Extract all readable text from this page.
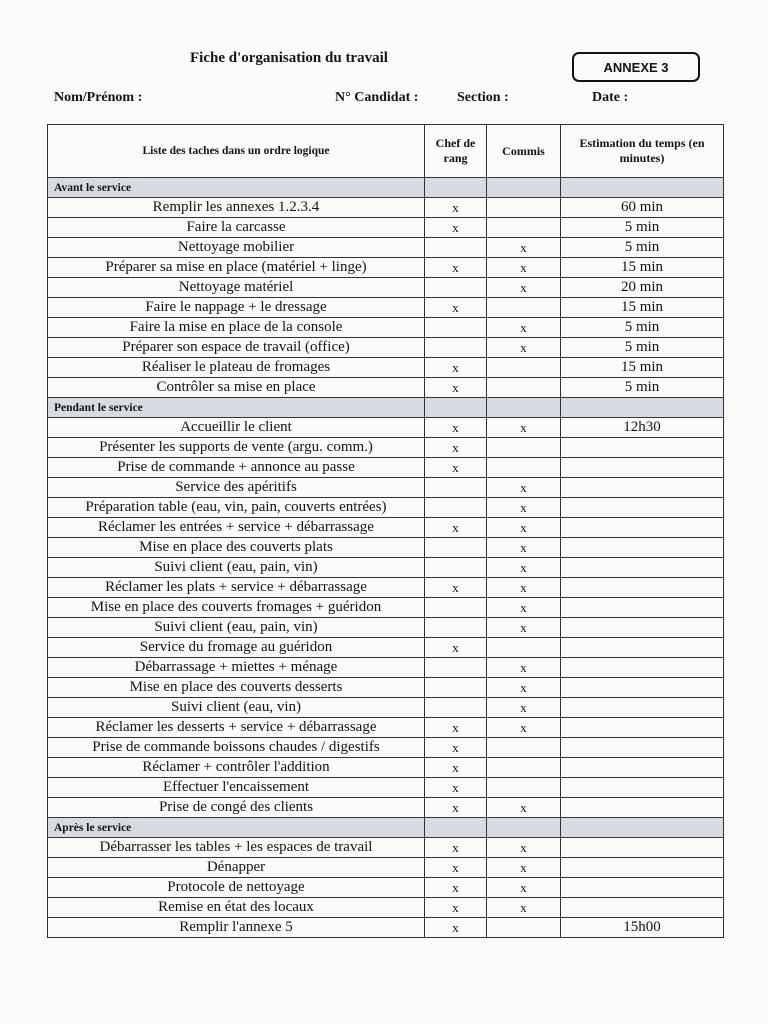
Fiche d'organisation du travail
ANNEXE 3
Nom/Prénom :	N° Candidat :	Section :	Date :
Liste des taches dans un ordre logique	Chef de rang	Commis	Estimation du temps (en minutes)
Avant le service			
Remplir les annexes 1.2.3.4	x		60 min
Faire la carcasse	x		5 min
Nettoyage mobilier		x	5 min
Préparer sa mise en place (matériel + linge)	x	x	15 min
Nettoyage matériel		x	20 min
Faire le nappage + le dressage	x		15 min
Faire la mise en place de la console		x	5 min
Préparer son espace de travail (office)		x	5 min
Réaliser le plateau de fromages	x		15 min
Contrôler sa mise en place	x		5 min
Pendant le service			
Accueillir le client	x	x	12h30
Présenter les supports de vente (argu. comm.)	x		
Prise de commande + annonce au passe	x		
Service des apéritifs		x	
Préparation table (eau, vin, pain, couverts entrées)		x	
Réclamer les entrées + service + débarrassage	x	x	
Mise en place des couverts plats		x	
Suivi client (eau, pain, vin)		x	
Réclamer les plats + service + débarrassage	x	x	
Mise en place des couverts fromages + guéridon		x	
Suivi client (eau, pain, vin)		x	
Service du fromage au guéridon	x		
Débarrassage + miettes + ménage		x	
Mise en place des couverts desserts		x	
Suivi client (eau, vin)		x	
Réclamer les desserts + service + débarrassage	x	x	
Prise de commande boissons chaudes / digestifs	x		
Réclamer + contrôler l'addition	x		
Effectuer l'encaissement	x		
Prise de congé des clients	x	x	
Après le service			
Débarrasser les tables + les espaces de travail	x	x	
Dénapper	x	x	
Protocole de nettoyage	x	x	
Remise en état des locaux	x	x	
Remplir l'annexe 5	x		15h00
